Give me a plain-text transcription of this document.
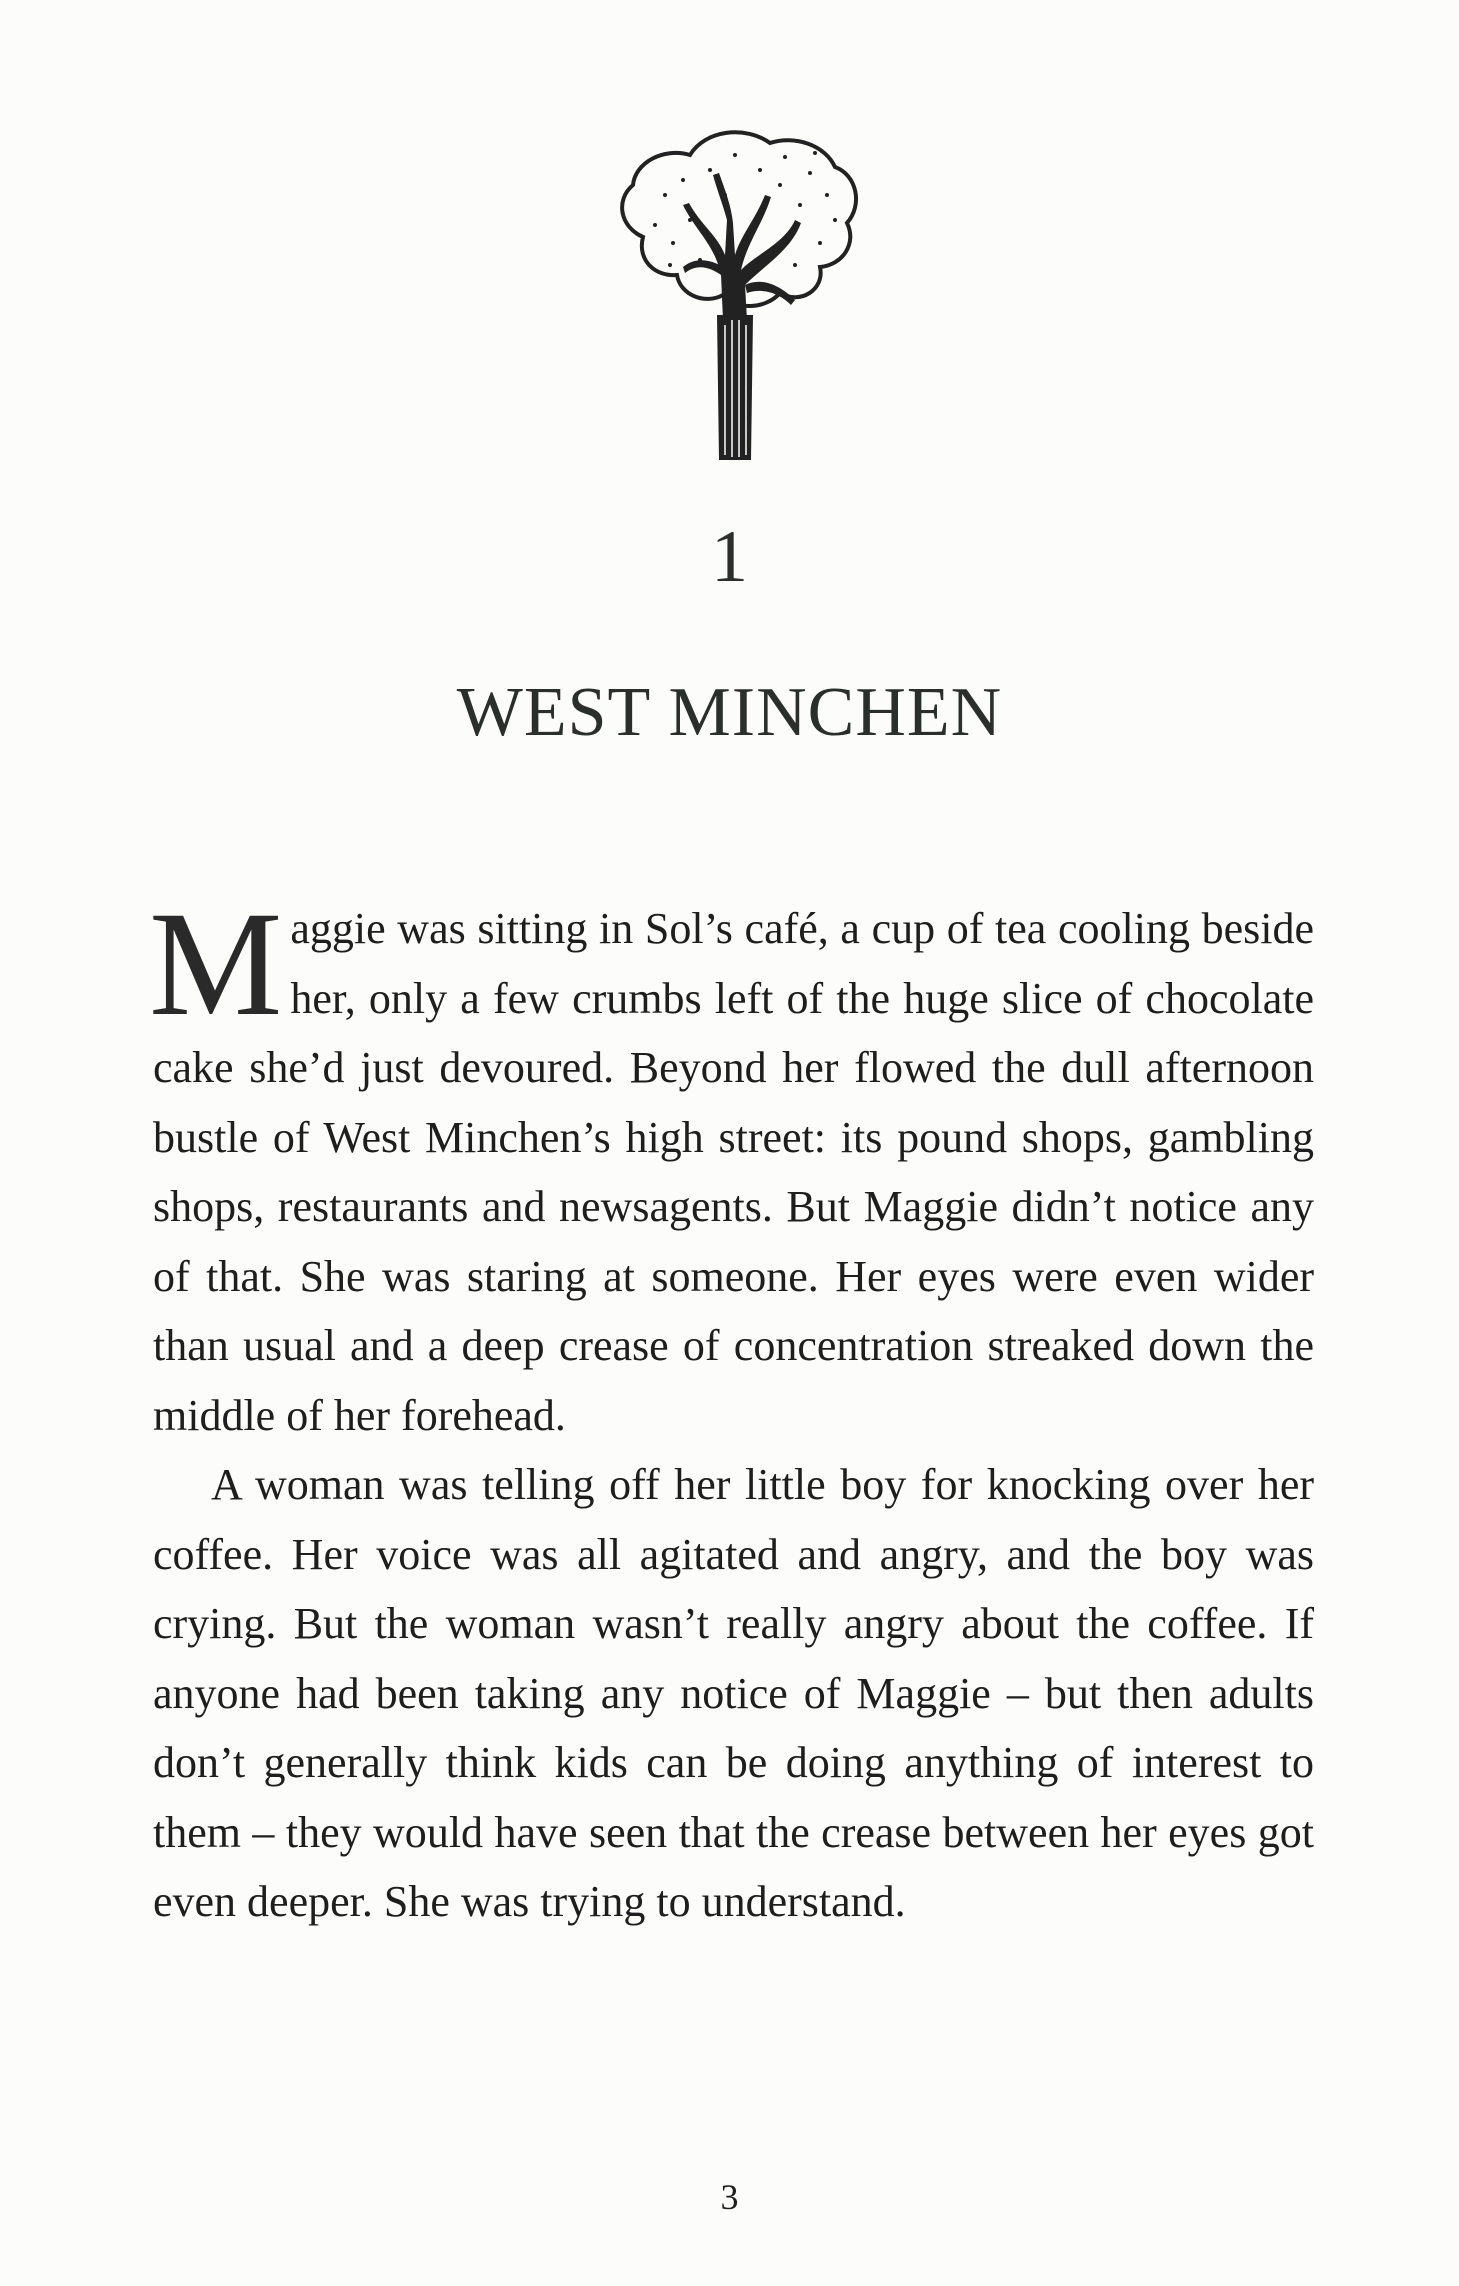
1
WEST MINCHEN

Maggie was sitting in Sol’s café, a cup of tea cooling beside her, only a few crumbs left of the huge slice of chocolate cake she’d just devoured. Beyond her flowed the dull afternoon bustle of West Minchen’s high street: its pound shops, gambling shops, restaurants and newsagents. But Maggie didn’t notice any of that. She was staring at someone. Her eyes were even wider than usual and a deep crease of concentration streaked down the middle of her forehead.

A woman was telling off her little boy for knocking over her coffee. Her voice was all agitated and angry, and the boy was crying. But the woman wasn’t really angry about the coffee. If anyone had been taking any notice of Maggie – but then adults don’t generally think kids can be doing anything of interest to them – they would have seen that the crease between her eyes got even deeper. She was trying to understand.

3
